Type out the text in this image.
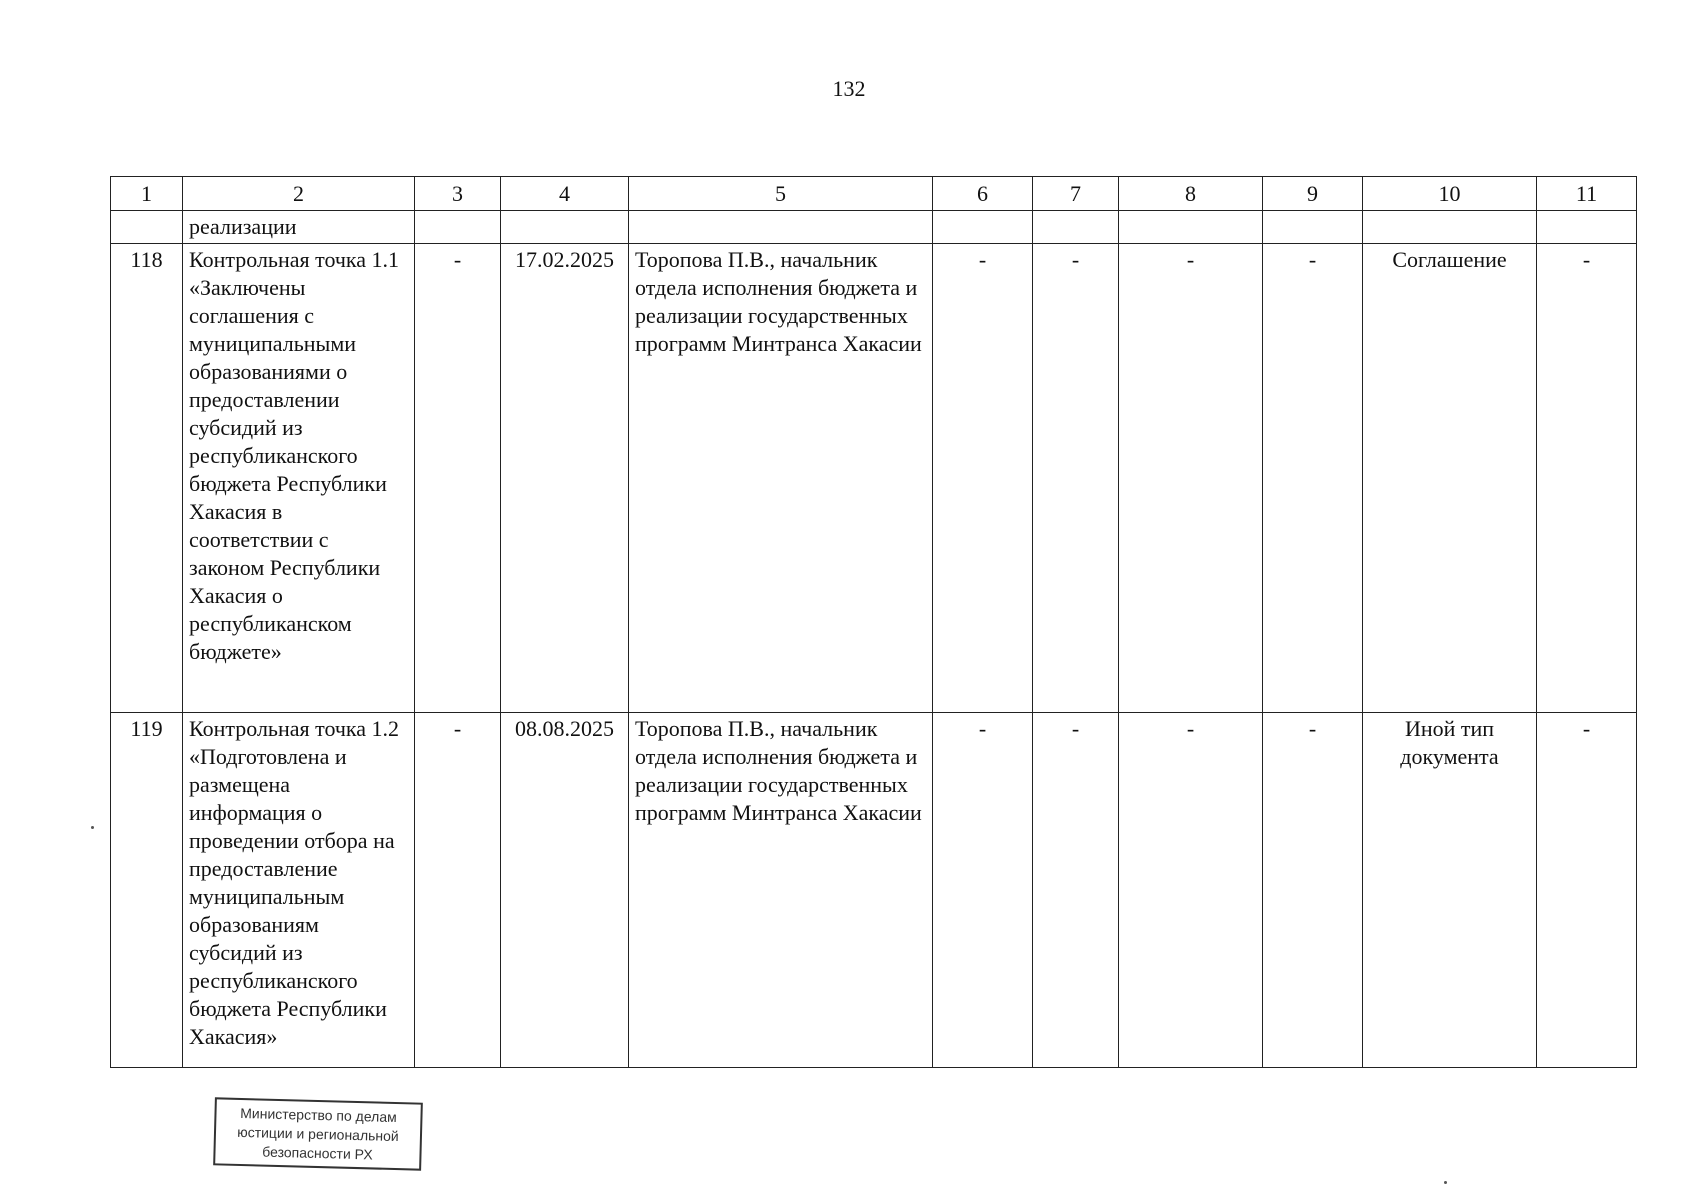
132
1	2	3	4	5	6	7	8	9	10	11
	реализации									
118	Контрольная точка 1.1 «Заключены соглашения с муниципальными образованиями о предоставлении субсидий из республиканского бюджета Республики Хакасия в соответствии с законом Республики Хакасия о республиканском бюджете»	-	17.02.2025	Торопова П.В., начальник отдела исполнения бюджета и реализации государственных программ Минтранса Хакасии	-	-	-	-	Соглашение	-
119	Контрольная точка 1.2 «Подготовлена и размещена информация о проведении отбора на предоставление муниципальным образованиям субсидий из республиканского бюджета Республики Хакасия»	-	08.08.2025	Торопова П.В., начальник отдела исполнения бюджета и реализации государственных программ Минтранса Хакасии	-	-	-	-	Иной тип документа	-
Министерство по делам
юстиции и региональной
безопасности РХ
